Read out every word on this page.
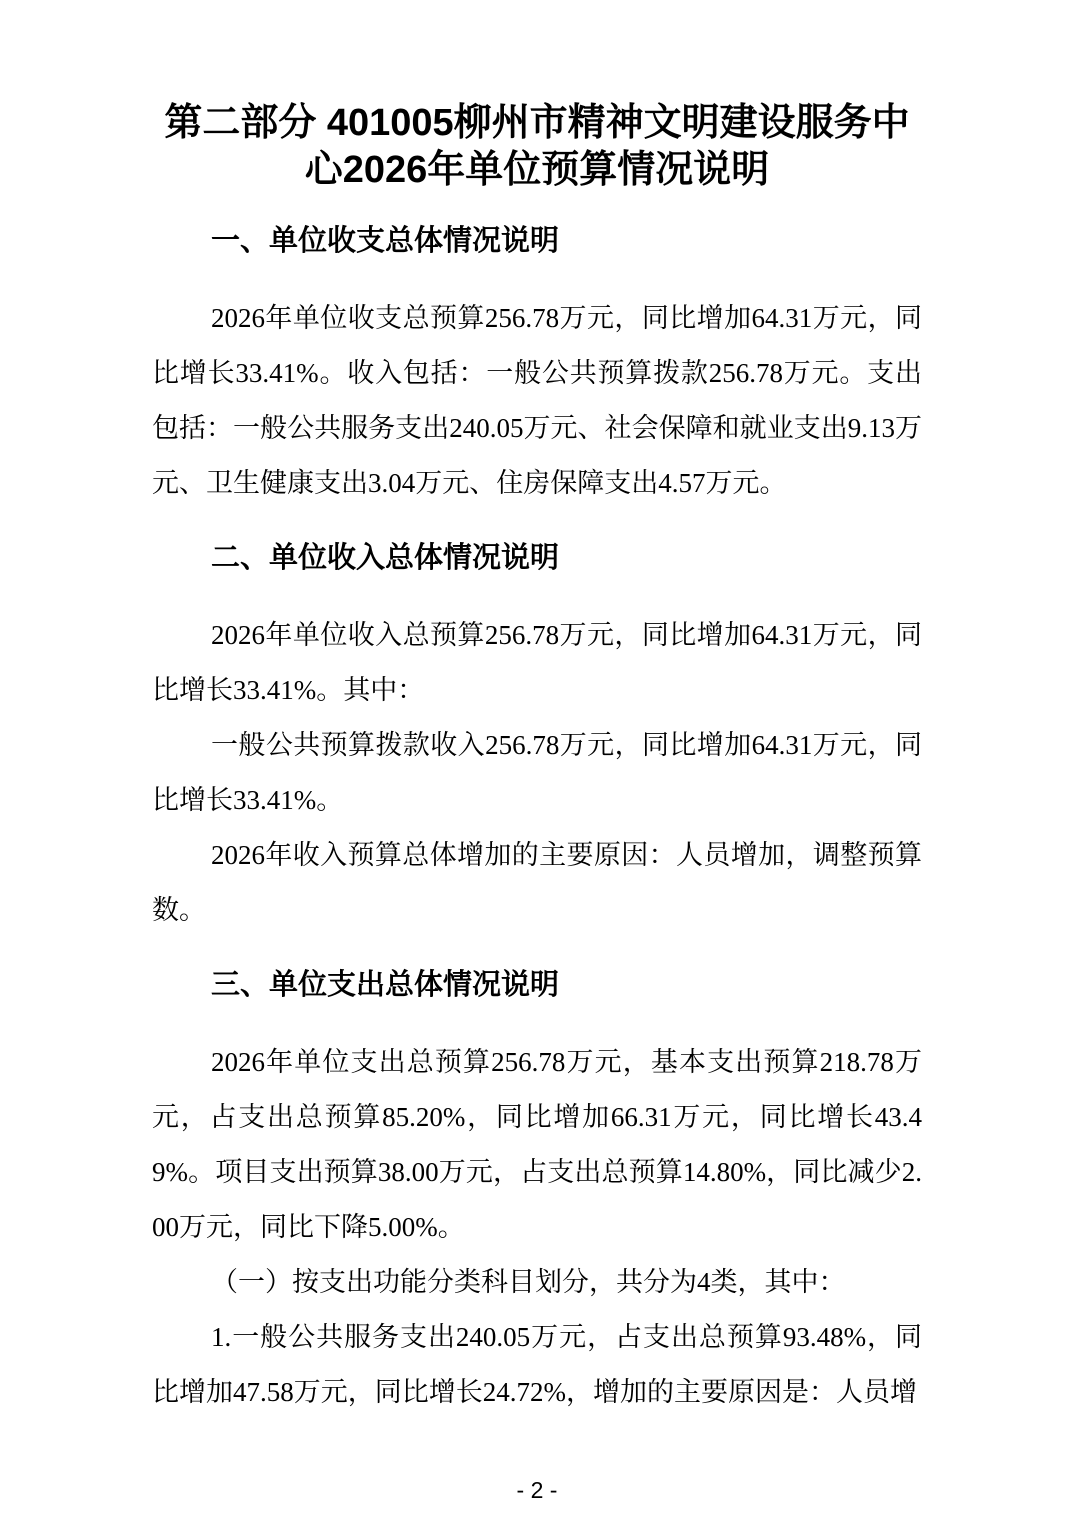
第二部分 401005柳州市精神文明建设服务中心2026年单位预算情况说明
一、单位收支总体情况说明

2026年单位收支总预算256.78万元，同比增加64.31万元，同比增长33.41%。收入包括：一般公共预算拨款256.78万元。支出包括：一般公共服务支出240.05万元、社会保障和就业支出9.13万元、卫生健康支出3.04万元、住房保障支出4.57万元。

二、单位收入总体情况说明

2026年单位收入总预算256.78万元，同比增加64.31万元，同比增长33.41%。其中：

一般公共预算拨款收入256.78万元，同比增加64.31万元，同比增长33.41%。

2026年收入预算总体增加的主要原因：人员增加，调整预算数。

三、单位支出总体情况说明

2026年单位支出总预算256.78万元，基本支出预算218.78万元，占支出总预算85.20%，同比增加66.31万元，同比增长43.49%。项目支出预算38.00万元，占支出总预算14.80%，同比减少2.00万元，同比下降5.00%。

（一）按支出功能分类科目划分，共分为4类，其中：

1.一般公共服务支出240.05万元，占支出总预算93.48%，同比增加47.58万元，同比增长24.72%，增加的主要原因是：人员增

- 2 -
